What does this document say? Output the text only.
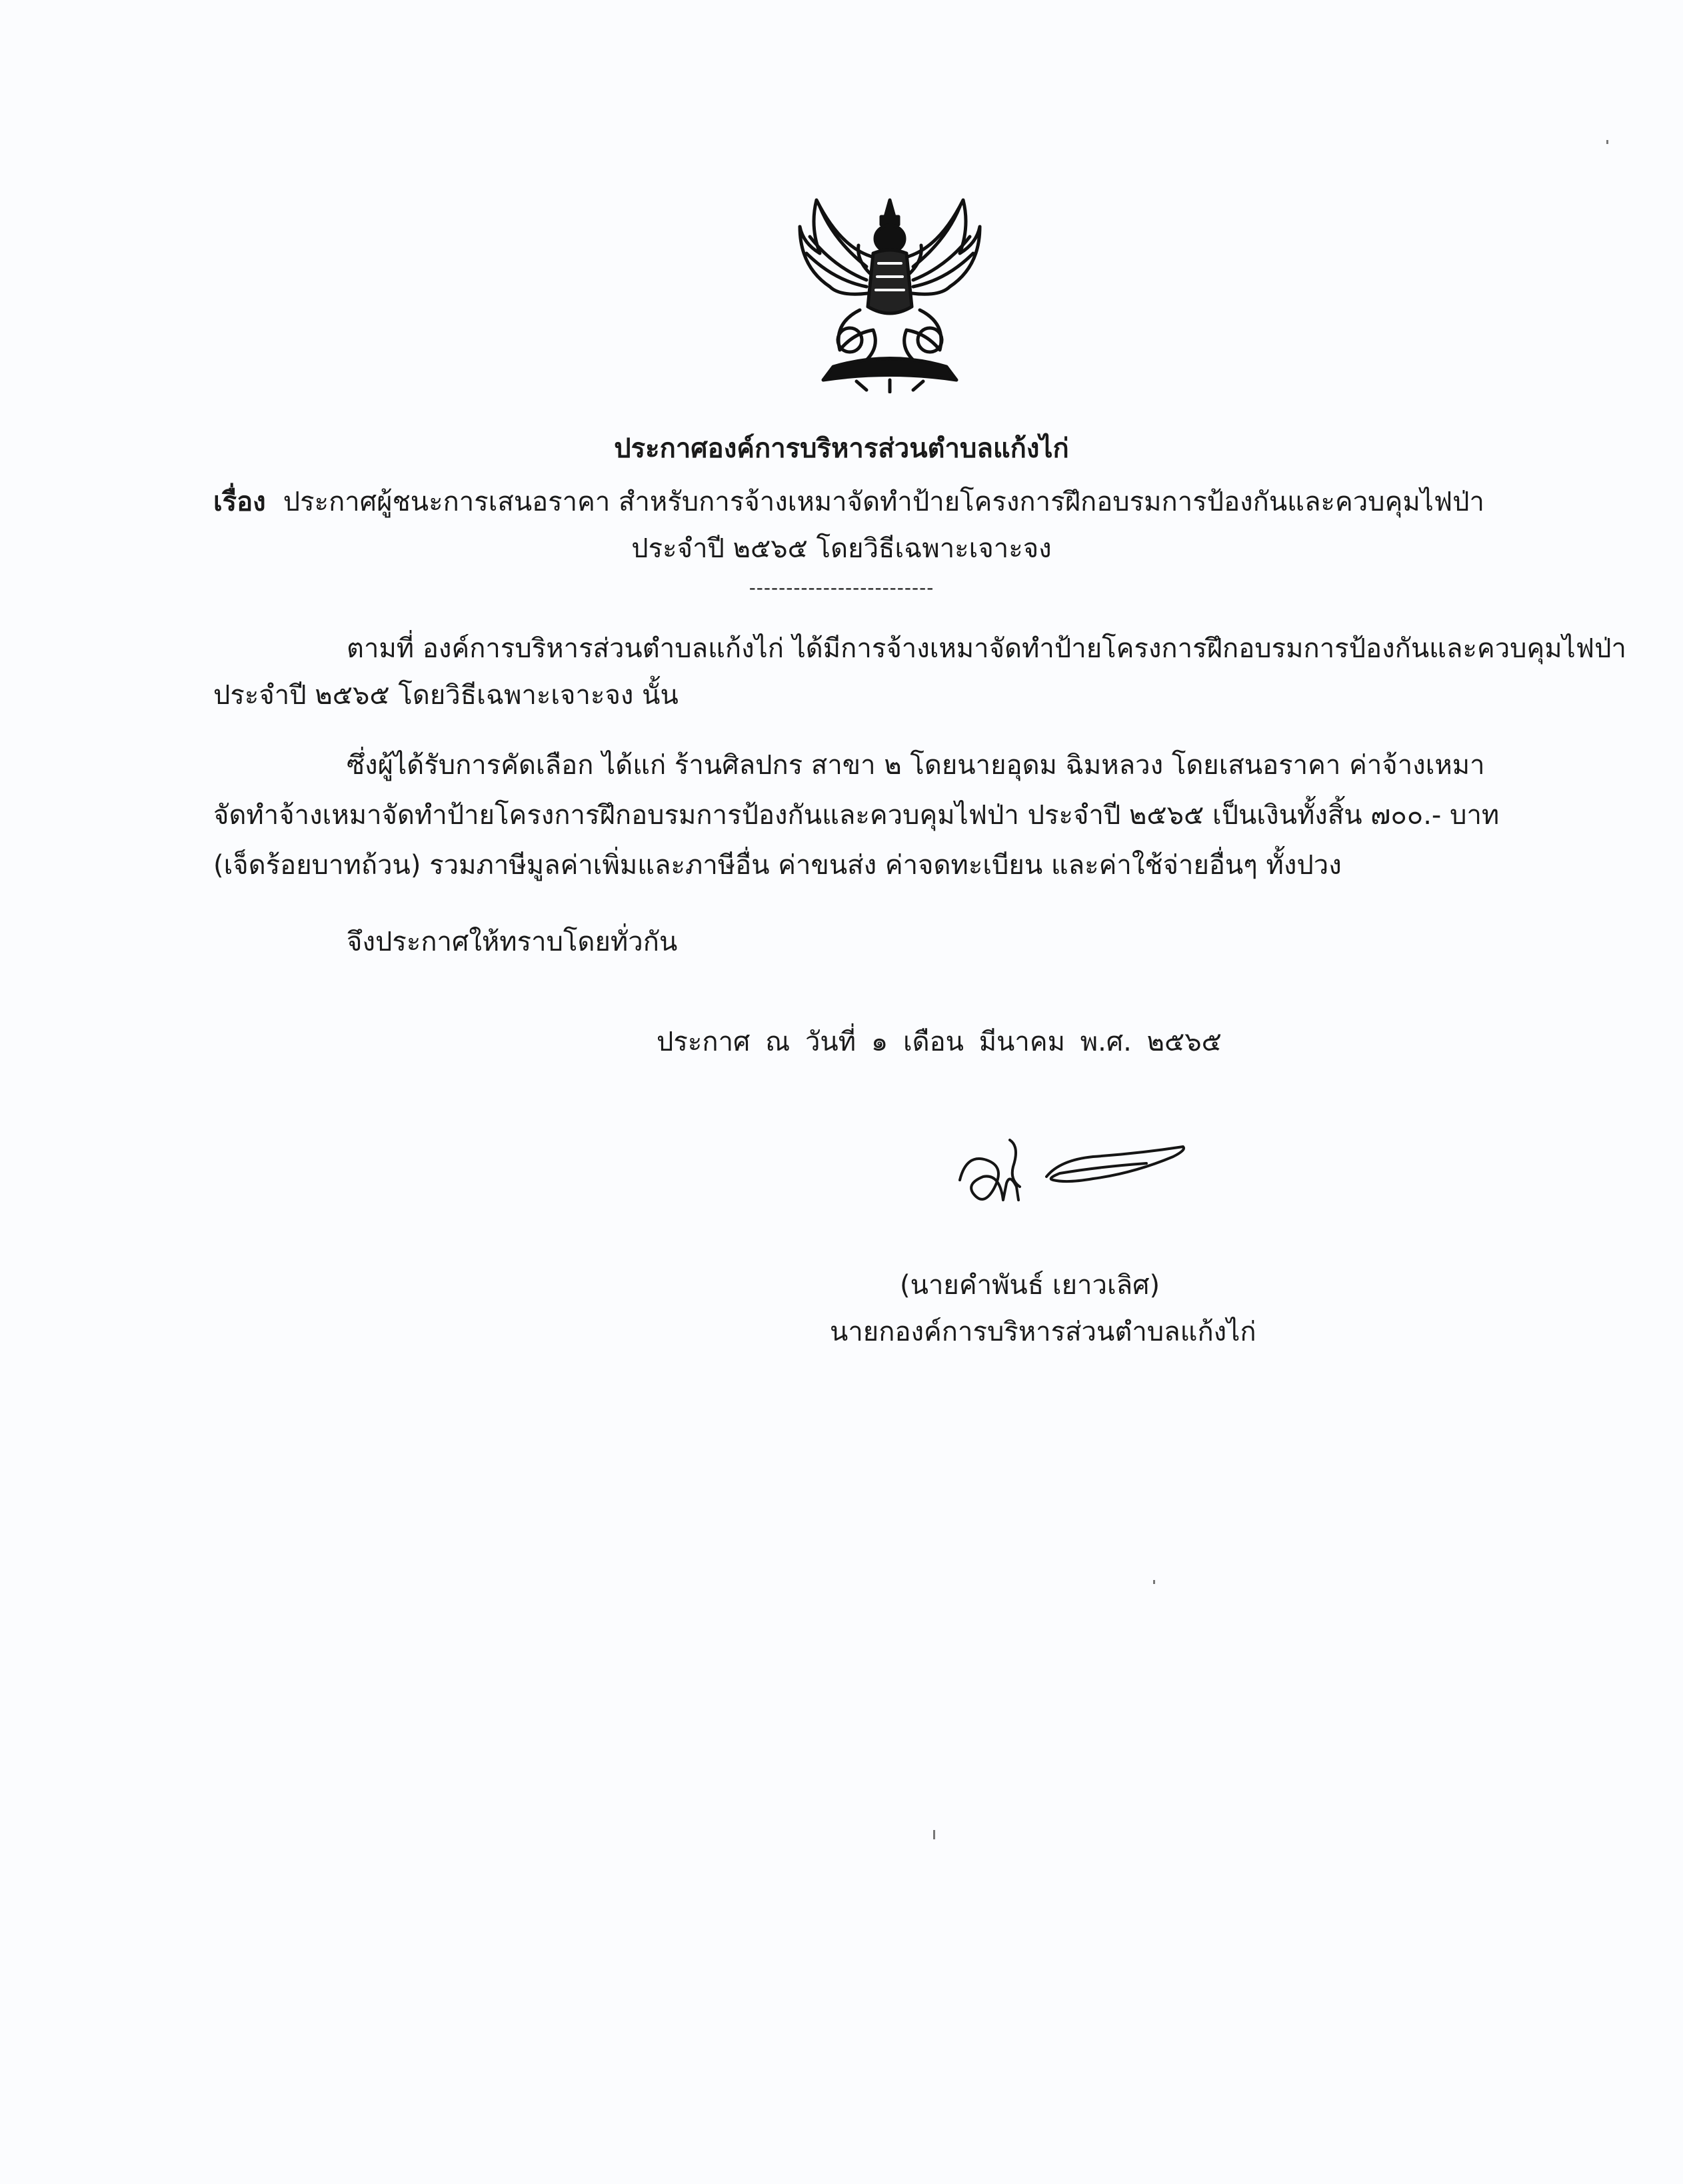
ประกาศองค์การบริหารส่วนตำบลแก้งไก่
เรื่อง ประกาศผู้ชนะการเสนอราคา สำหรับการจ้างเหมาจัดทำป้ายโครงการฝึกอบรมการป้องกันและควบคุมไฟป่า
ประจำปี ๒๕๖๕ โดยวิธีเฉพาะเจาะจง
-------------------------
ตามที่ องค์การบริหารส่วนตำบลแก้งไก่ ได้มีการจ้างเหมาจัดทำป้ายโครงการฝึกอบรมการป้องกันและควบคุมไฟป่า
ประจำปี ๒๕๖๕ โดยวิธีเฉพาะเจาะจง นั้น
ซึ่งผู้ได้รับการคัดเลือก ได้แก่ ร้านศิลปกร สาขา ๒ โดยนายอุดม ฉิมหลวง โดยเสนอราคา ค่าจ้างเหมา
จัดทำจ้างเหมาจัดทำป้ายโครงการฝึกอบรมการป้องกันและควบคุมไฟป่า ประจำปี ๒๕๖๕ เป็นเงินทั้งสิ้น ๗๐๐.- บาท
(เจ็ดร้อยบาทถ้วน) รวมภาษีมูลค่าเพิ่มและภาษีอื่น ค่าขนส่ง ค่าจดทะเบียน และค่าใช้จ่ายอื่นๆ ทั้งปวง
จึงประกาศให้ทราบโดยทั่วกัน
ประกาศ ณ วันที่ ๑ เดือน มีนาคม พ.ศ. ๒๕๖๕
(นายคำพันธ์ เยาวเลิศ)
นายกองค์การบริหารส่วนตำบลแก้งไก่
